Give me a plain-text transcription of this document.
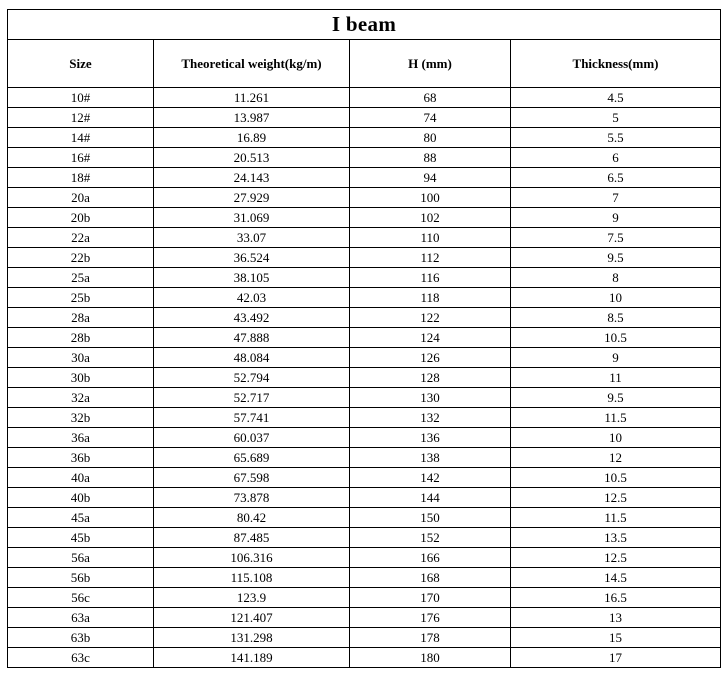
I beam			
Size	Theoretical weight(kg/m)	H (mm)	Thickness(mm)
10#	11.261	68	4.5
12#	13.987	74	5
14#	16.89	80	5.5
16#	20.513	88	6
18#	24.143	94	6.5
20a	27.929	100	7
20b	31.069	102	9
22a	33.07	110	7.5
22b	36.524	112	9.5
25a	38.105	116	8
25b	42.03	118	10
28a	43.492	122	8.5
28b	47.888	124	10.5
30a	48.084	126	9
30b	52.794	128	11
32a	52.717	130	9.5
32b	57.741	132	11.5
36a	60.037	136	10
36b	65.689	138	12
40a	67.598	142	10.5
40b	73.878	144	12.5
45a	80.42	150	11.5
45b	87.485	152	13.5
56a	106.316	166	12.5
56b	115.108	168	14.5
56c	123.9	170	16.5
63a	121.407	176	13
63b	131.298	178	15
63c	141.189	180	17
